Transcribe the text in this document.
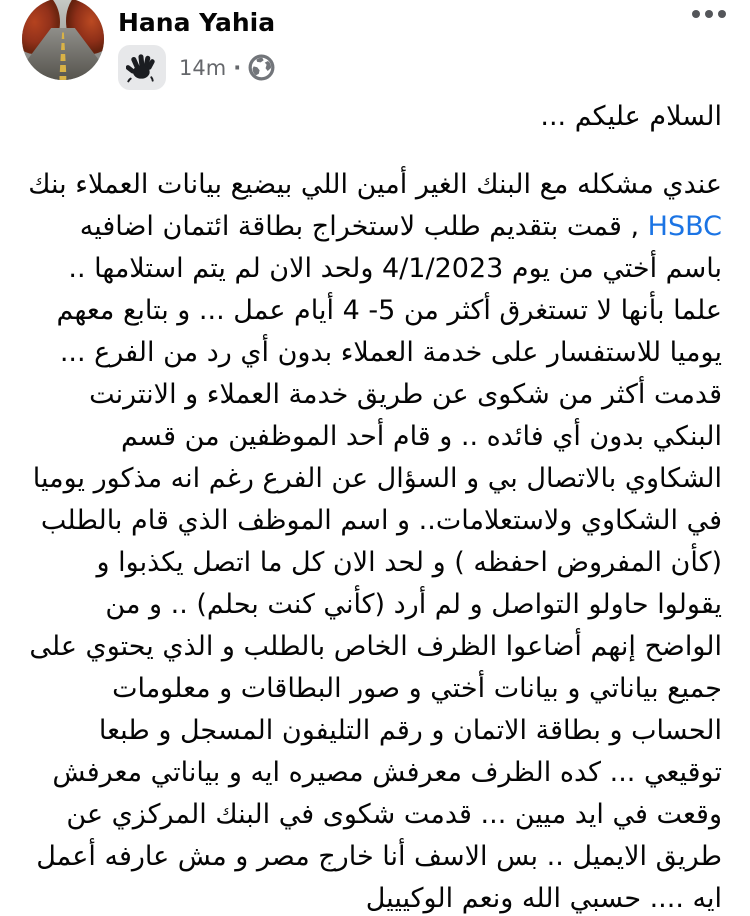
Hana Yahia
14m ·

السلام عليكم ...

عندي مشكله مع البنك الغير أمين اللي بيضيع بيانات العملاء بنك HSBC , قمت بتقديم طلب لاستخراج بطاقة ائتمان اضافيه باسم أختي من يوم ⁦4/1/2023⁩ ولحد الان لم يتم استلامها .. علما بأنها لا تستغرق أكثر من ⁦4 -5⁩ أيام عمل ... و بتابع معهم يوميا للاستفسار على خدمة العملاء بدون أي رد من الفرع ... قدمت أكثر من شكوى عن طريق خدمة العملاء و الانترنت البنكي بدون أي فائده .. و قام أحد الموظفين من قسم الشكاوي بالاتصال بي و السؤال عن الفرع رغم انه مذكور يوميا في الشكاوي ولاستعلامات.. و اسم الموظف الذي قام بالطلب (كأن المفروض احفظه ) و لحد الان كل ما اتصل يكذبوا و يقولوا حاولو التواصل و لم أرد (كأني كنت بحلم) .. و من الواضح إنهم أضاعوا الظرف الخاص بالطلب و الذي يحتوي على جميع بياناتي و بيانات أختي و صور البطاقات و معلومات الحساب و بطاقة الاتمان و رقم التليفون المسجل و طبعا توقيعي ... كده الظرف معرفش مصيره ايه و بياناتي معرفش وقعت في ايد ميين ... قدمت شكوى في البنك المركزي عن طريق الايميل .. بس الاسف أنا خارج مصر و مش عارفه أعمل ايه .... حسبي الله ونعم الوكيييل
